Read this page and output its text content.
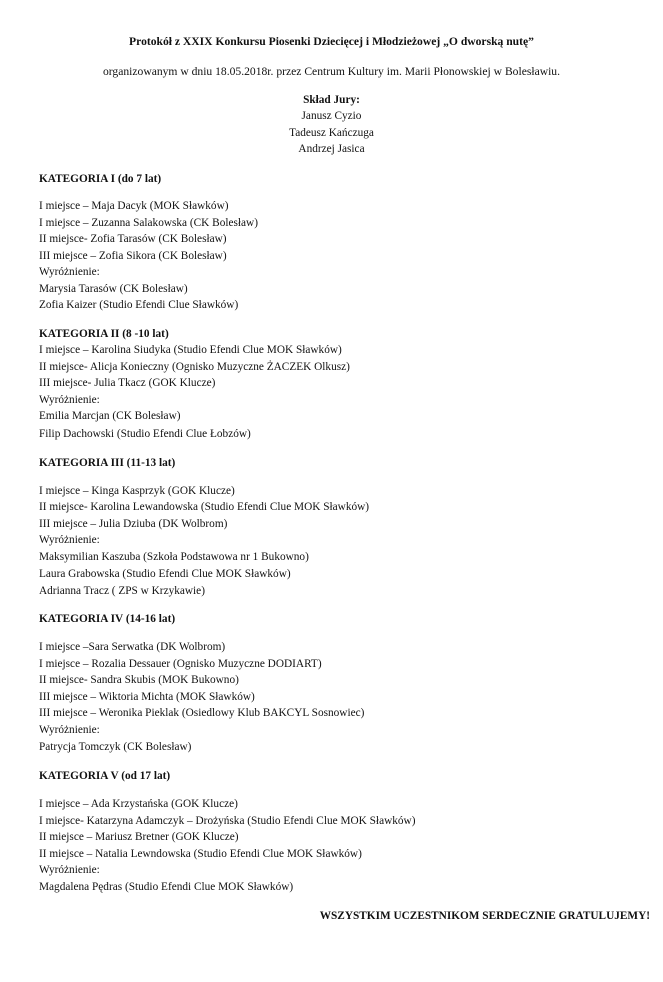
Protokół z XXIX Konkursu Piosenki Dziecięcej i Młodzieżowej „O dworską nutę”
organizowanym w dniu 18.05.2018r. przez Centrum Kultury im. Marii Płonowskiej w Bolesławiu.
Skład Jury:
Janusz Cyzio
Tadeusz Kańczuga
Andrzej Jasica
KATEGORIA I (do 7 lat)
I miejsce – Maja Dacyk (MOK Sławków)
I miejsce – Zuzanna Salakowska (CK Bolesław)
II miejsce- Zofia Tarasów (CK Bolesław)
III miejsce – Zofia Sikora (CK Bolesław)
Wyróżnienie:
Marysia Tarasów (CK Bolesław)
Zofia Kaizer (Studio Efendi Clue Sławków)
KATEGORIA II (8 -10 lat)
I miejsce – Karolina Siudyka (Studio Efendi Clue MOK Sławków)
II miejsce- Alicja Konieczny (Ognisko Muzyczne ŻACZEK Olkusz)
III miejsce- Julia Tkacz (GOK Klucze)
Wyróżnienie:
Emilia Marcjan (CK Bolesław)
Filip Dachowski (Studio Efendi Clue Łobzów)
KATEGORIA III (11-13 lat)
I miejsce – Kinga Kasprzyk (GOK Klucze)
II miejsce- Karolina Lewandowska (Studio Efendi Clue MOK Sławków)
III miejsce – Julia Dziuba (DK Wolbrom)
Wyróżnienie:
Maksymilian Kaszuba (Szkoła Podstawowa nr 1 Bukowno)
Laura Grabowska (Studio Efendi Clue MOK Sławków)
Adrianna Tracz ( ZPS w Krzykawie)
KATEGORIA IV (14-16 lat)
I miejsce –Sara Serwatka (DK Wolbrom)
I miejsce – Rozalia Dessauer (Ognisko Muzyczne DODIART)
II miejsce- Sandra Skubis (MOK Bukowno)
III miejsce – Wiktoria Michta (MOK Sławków)
III miejsce – Weronika Pieklak (Osiedlowy Klub BAKCYL Sosnowiec)
Wyróżnienie:
Patrycja Tomczyk (CK Bolesław)
KATEGORIA V (od 17 lat)
I miejsce – Ada Krzystańska (GOK Klucze)
I miejsce- Katarzyna Adamczyk – Drożyńska (Studio Efendi Clue MOK Sławków)
II miejsce – Mariusz Bretner (GOK Klucze)
II miejsce – Natalia Lewndowska (Studio Efendi Clue MOK Sławków)
Wyróżnienie:
Magdalena Pędras (Studio Efendi Clue MOK Sławków)
WSZYSTKIM UCZESTNIKOM SERDECZNIE GRATULUJEMY!
